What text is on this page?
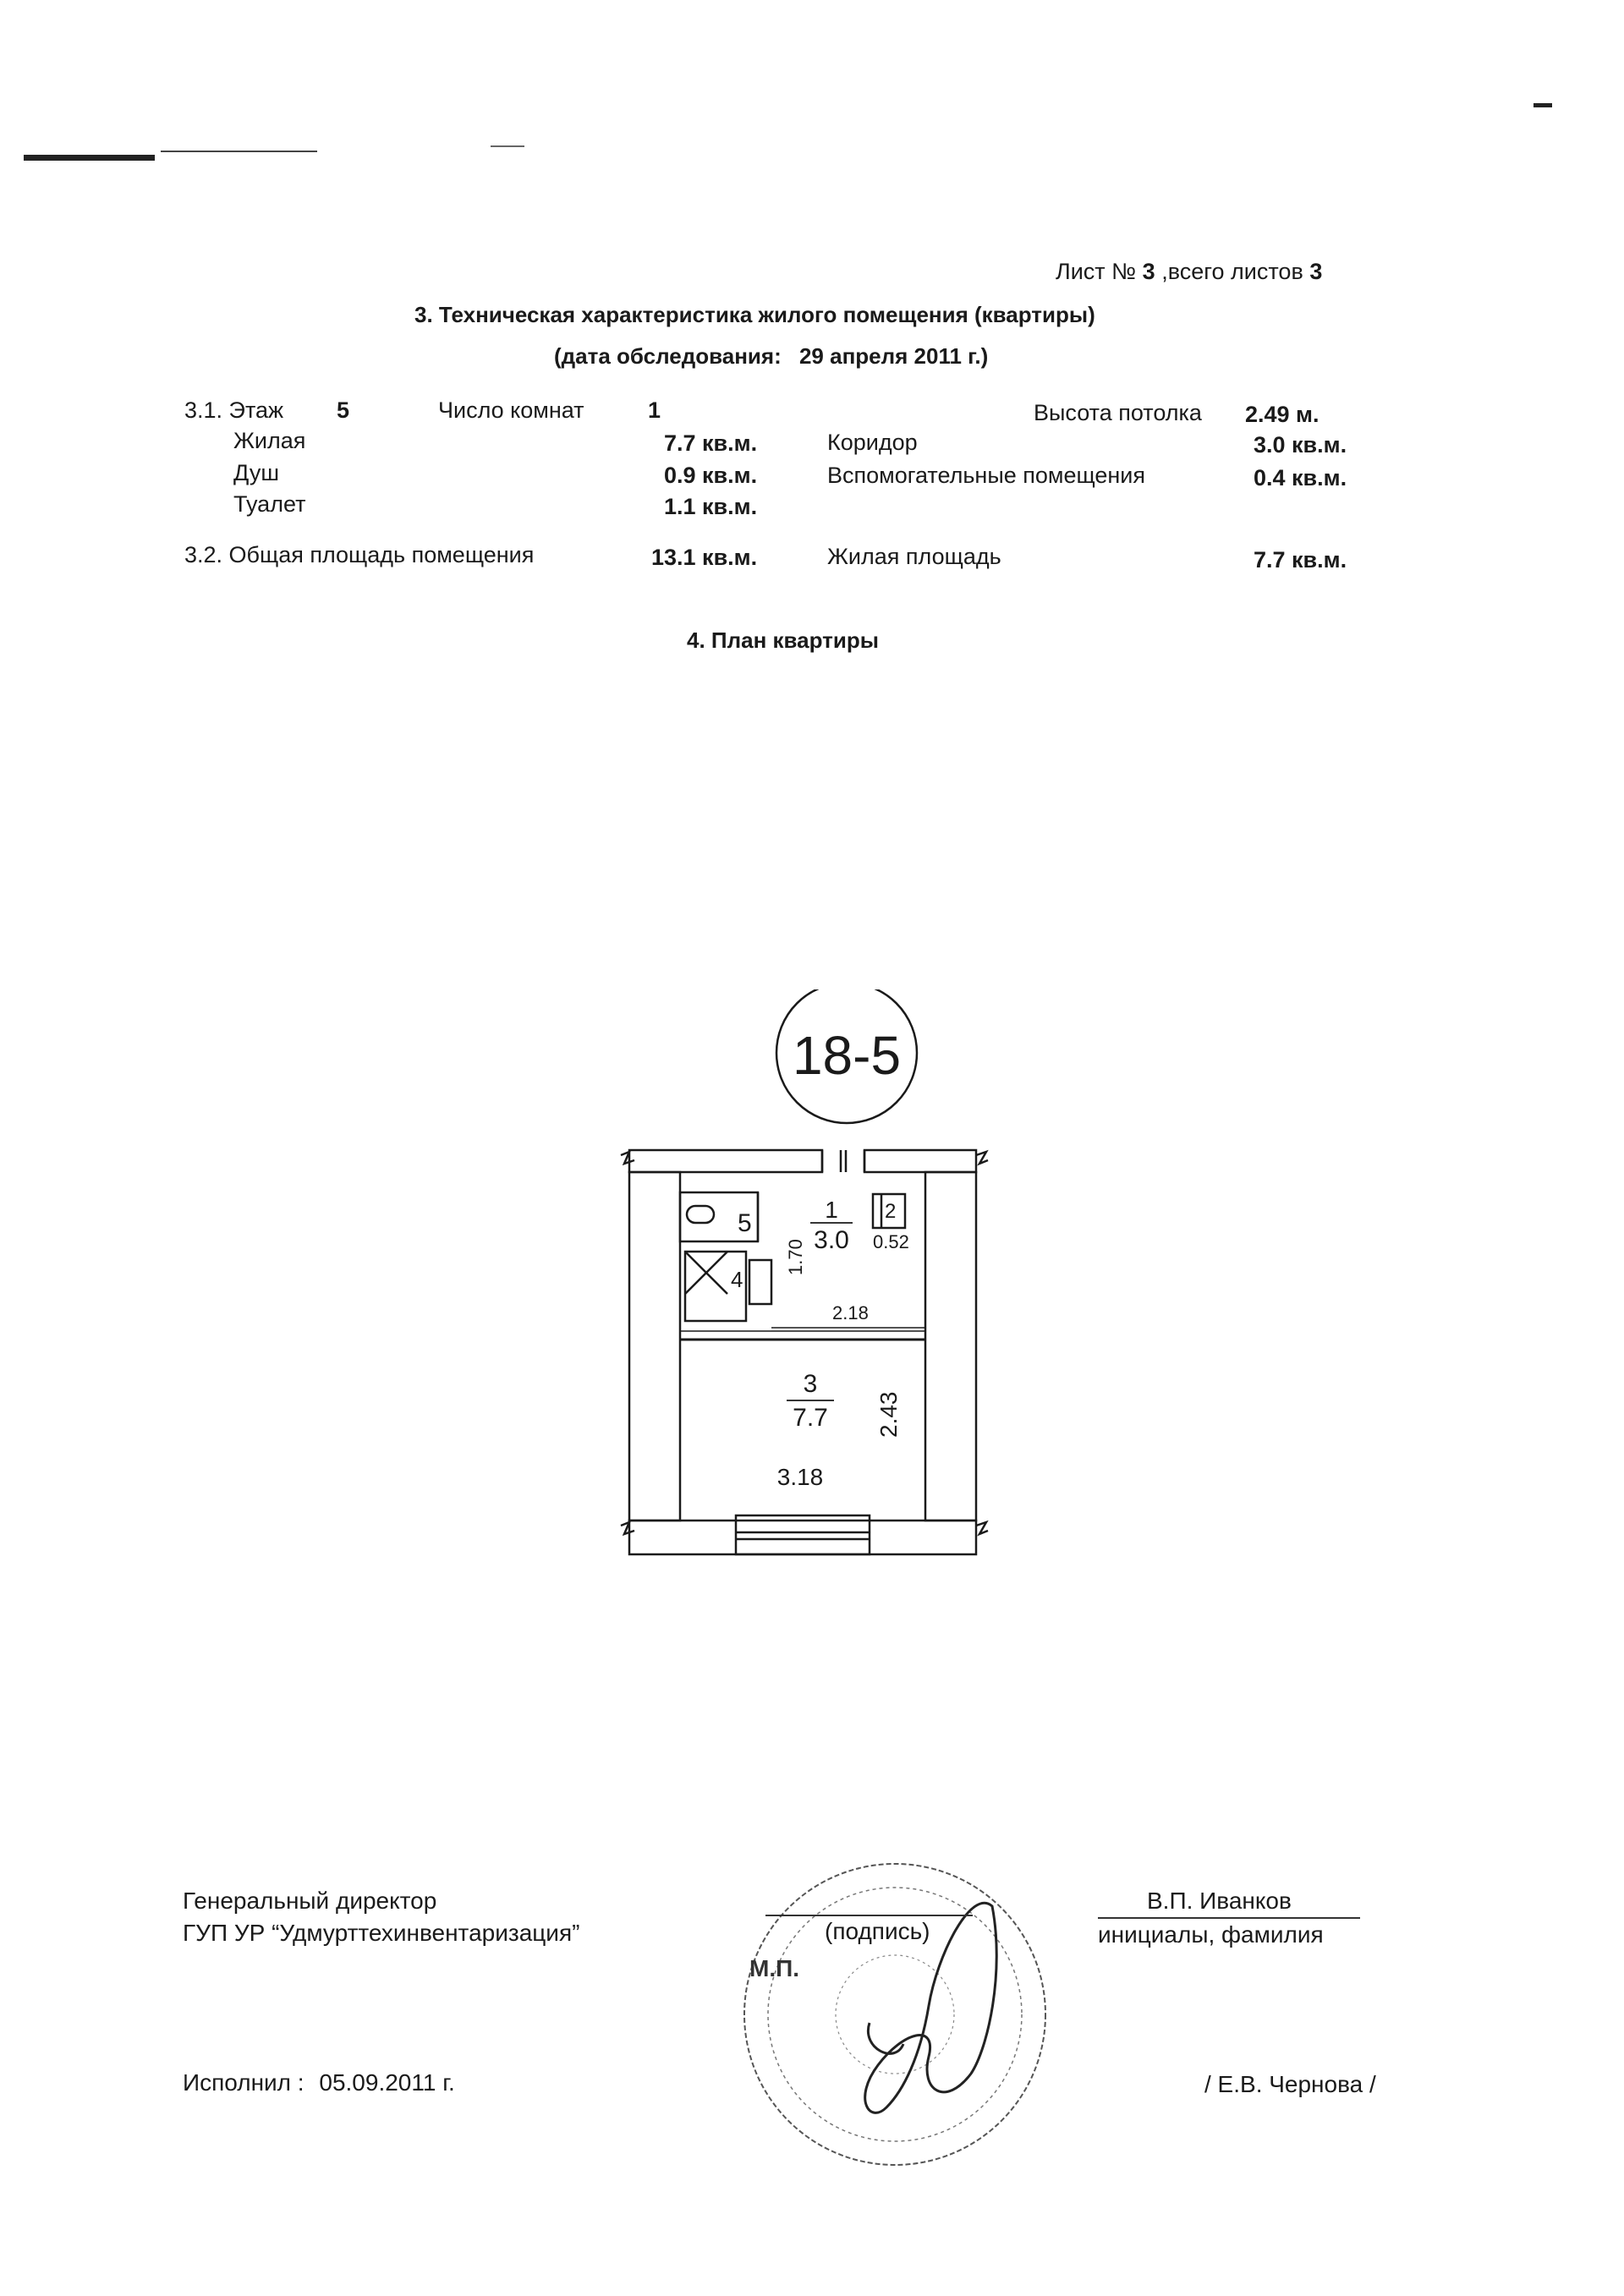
Лист № 3 ,всего листов 3
3. Техническая характеристика жилого помещения (квартиры)
(дата обследования: 29 апреля 2011 г.)
3.1. Этаж 5	Число комнат	1	Высота потолка 2.49 м.
Жилая	7.7 кв.м.	Коридор	3.0 кв.м.
Душ	0.9 кв.м.	Вспомогательные помещения	0.4 кв.м.
Туалет	1.1 кв.м.
3.2. Общая площадь помещения	13.1 кв.м.	Жилая площадь	7.7 кв.м.
4. План квартиры
18-5
5	1
3.0
2
0.52
1.70
4
2.18
3
7.7 2.43
3.18
Генеральный директор
ГУП УР “Удмурттехинвентаризация”
Исполнил : 05.09.2011 г.
(подпись)
М.П.
В.П. Иванков
инициалы, фамилия
/ Е.В. Чернова /
